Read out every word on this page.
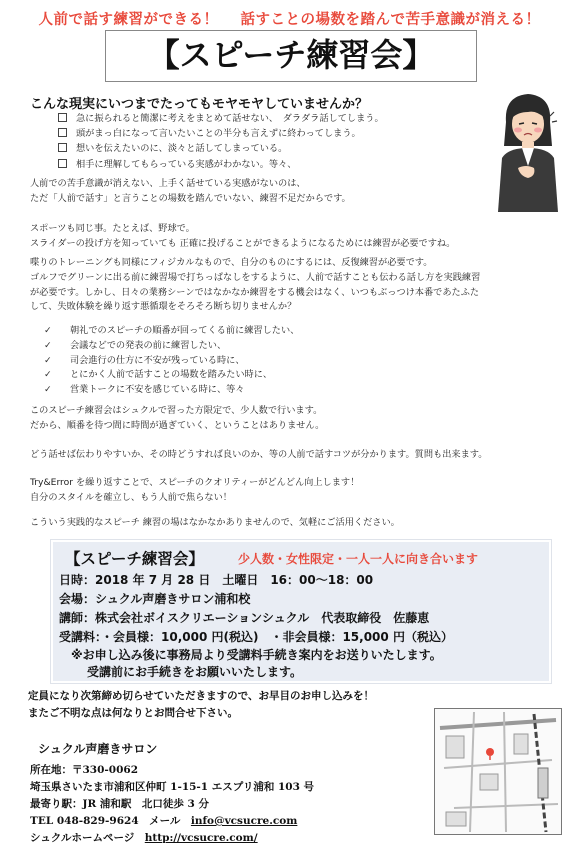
人前で話す練習ができる！ 話すことの場数を踏んで苦手意識が消える！
【スピーチ練習会】
こんな現実にいつまでたってもモヤモヤしていませんか？
急に振られると簡潔に考えをまとめて話せない、　ダラダラ話してしまう。
頭がまっ白になって言いたいことの半分も言えずに終わってしまう。
想いを伝えたいのに、淡々と話してしまっている。
相手に理解してもらっている実感がわかない。等々、

人前での苦手意識が消えない、上手く話せている実感がないのは、

ただ「人前で話す」と言うことの場数を踏んでいない、練習不足だからです。

スポーツも同じ事。たとえば、野球で。

スライダーの投げ方を知っていても 正確に投げることができるようになるためには練習が必要ですね。

喋りのトレーニングも同様にフィジカルなもので、自分のものにするには、反復練習が必要です。

ゴルフでグリーンに出る前に練習場で打ちっぱなしをするように、人前で話すことも伝わる話し方を実践練習

が必要です。しかし、日々の業務シーンではなかなか練習をする機会はなく、いつもぶっつけ本番であたふた

して、失敗体験を繰り返す悪循環をそろそろ断ち切りませんか？

✓ 朝礼でのスピーチの順番が回ってくる前に練習したい、
✓ 会議などでの発表の前に練習したい、
✓ 司会進行の仕方に不安が残っている時に、
✓ とにかく人前で話すことの場数を踏みたい時に、
✓ 営業トークに不安を感じている時に、等々

このスピーチ練習会はシュクルで習った方限定で、少人数で行います。

だから、順番を待つ間に時間が過ぎていく、ということはありません。

どう話せば伝わりやすいか、その時どうすれば良いのか、等の人前で話すコツが分かります。質問も出来ます。

Try&Error を繰り返すことで、スピーチのクオリティーがどんどん向上します！

自分のスタイルを確立し、もう人前で焦らない！

こういう実践的なスピーチ 練習の場はなかなかありませんので、気軽にご活用ください。

【スピーチ練習会】	少人数・女性限定・一人一人に向き合います
日時：2018 年 7 月 28 日　土曜日　16：00～18：00
会場：シュクル声磨きサロン浦和校
講師：株式会社ボイスクリエーションシュクル　代表取締役　佐藤恵
受講料：・会員様：10,000 円(税込)　・非会員様：15,000 円（税込）
※お申し込み後に事務局より受講料手続き案内をお送りいたします。
受講前にお手続きをお願いいたします。

定員になり次第締め切らせていただきますので、お早目のお申し込みを！

またご不明な点は何なりとお問合せ下さい。

シュクル声磨きサロン
所在地：〒330-0062
埼玉県さいたま市浦和区仲町 1-15-1 エスプリ浦和 103 号
最寄り駅：JR 浦和駅　北口徒歩 3 分
TEL 048-829-9624　メール　 info@vcsucre.com
シュクルホームページ　 http://vcsucre.com/
